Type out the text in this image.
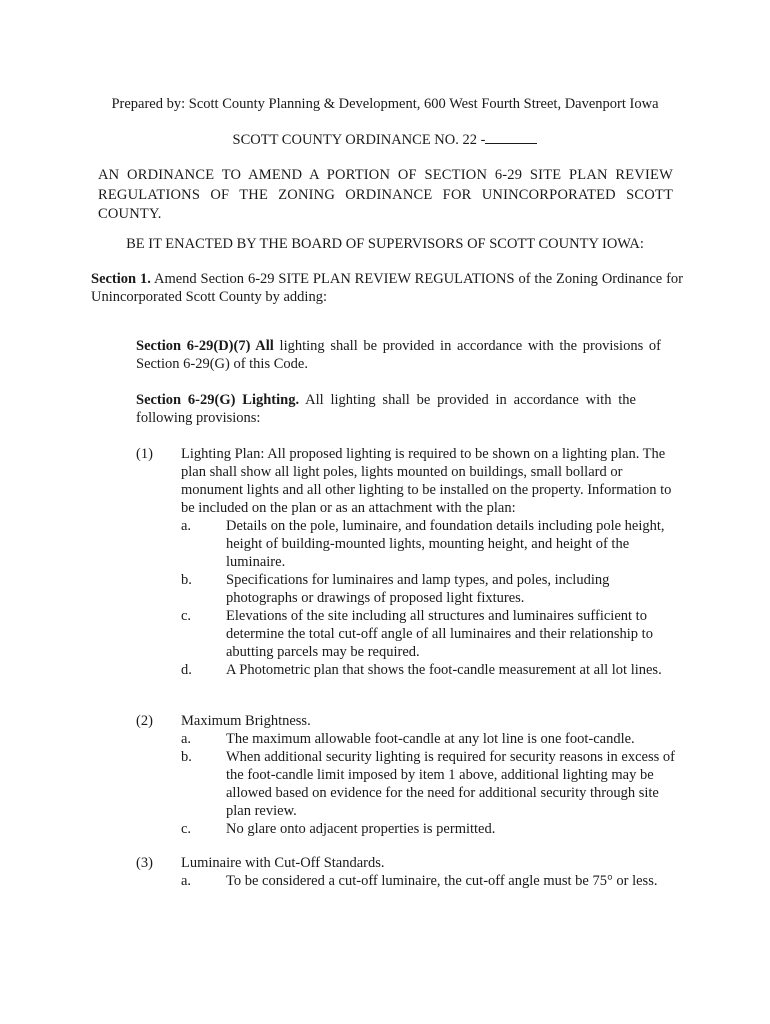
Prepared by: Scott County Planning & Development, 600 West Fourth Street, Davenport Iowa
SCOTT COUNTY ORDINANCE NO. 22 -
AN ORDINANCE TO AMEND A PORTION OF SECTION 6-29 SITE PLAN REVIEW REGULATIONS OF THE ZONING ORDINANCE FOR UNINCORPORATED SCOTT COUNTY.
BE IT ENACTED BY THE BOARD OF SUPERVISORS OF SCOTT COUNTY IOWA:
Section 1. Amend Section 6-29 SITE PLAN REVIEW REGULATIONS of the Zoning Ordinance for Unincorporated Scott County by adding:
Section 6-29(D)(7) All lighting shall be provided in accordance with the provisions of Section 6-29(G) of this Code.
Section 6-29(G) Lighting. All lighting shall be provided in accordance with the following provisions:
(1) Lighting Plan: All proposed lighting is required to be shown on a lighting plan. The plan shall show all light poles, lights mounted on buildings, small bollard or monument lights and all other lighting to be installed on the property. Information to be included on the plan or as an attachment with the plan:
a. Details on the pole, luminaire, and foundation details including pole height, height of building-mounted lights, mounting height, and height of the luminaire.
b. Specifications for luminaires and lamp types, and poles, including photographs or drawings of proposed light fixtures.
c. Elevations of the site including all structures and luminaires sufficient to determine the total cut-off angle of all luminaires and their relationship to abutting parcels may be required.
d. A Photometric plan that shows the foot-candle measurement at all lot lines.
(2) Maximum Brightness.
a. The maximum allowable foot-candle at any lot line is one foot-candle.
b. When additional security lighting is required for security reasons in excess of the foot-candle limit imposed by item 1 above, additional lighting may be allowed based on evidence for the need for additional security through site plan review.
c. No glare onto adjacent properties is permitted.
(3) Luminaire with Cut-Off Standards.
a. To be considered a cut-off luminaire, the cut-off angle must be 75° or less.
